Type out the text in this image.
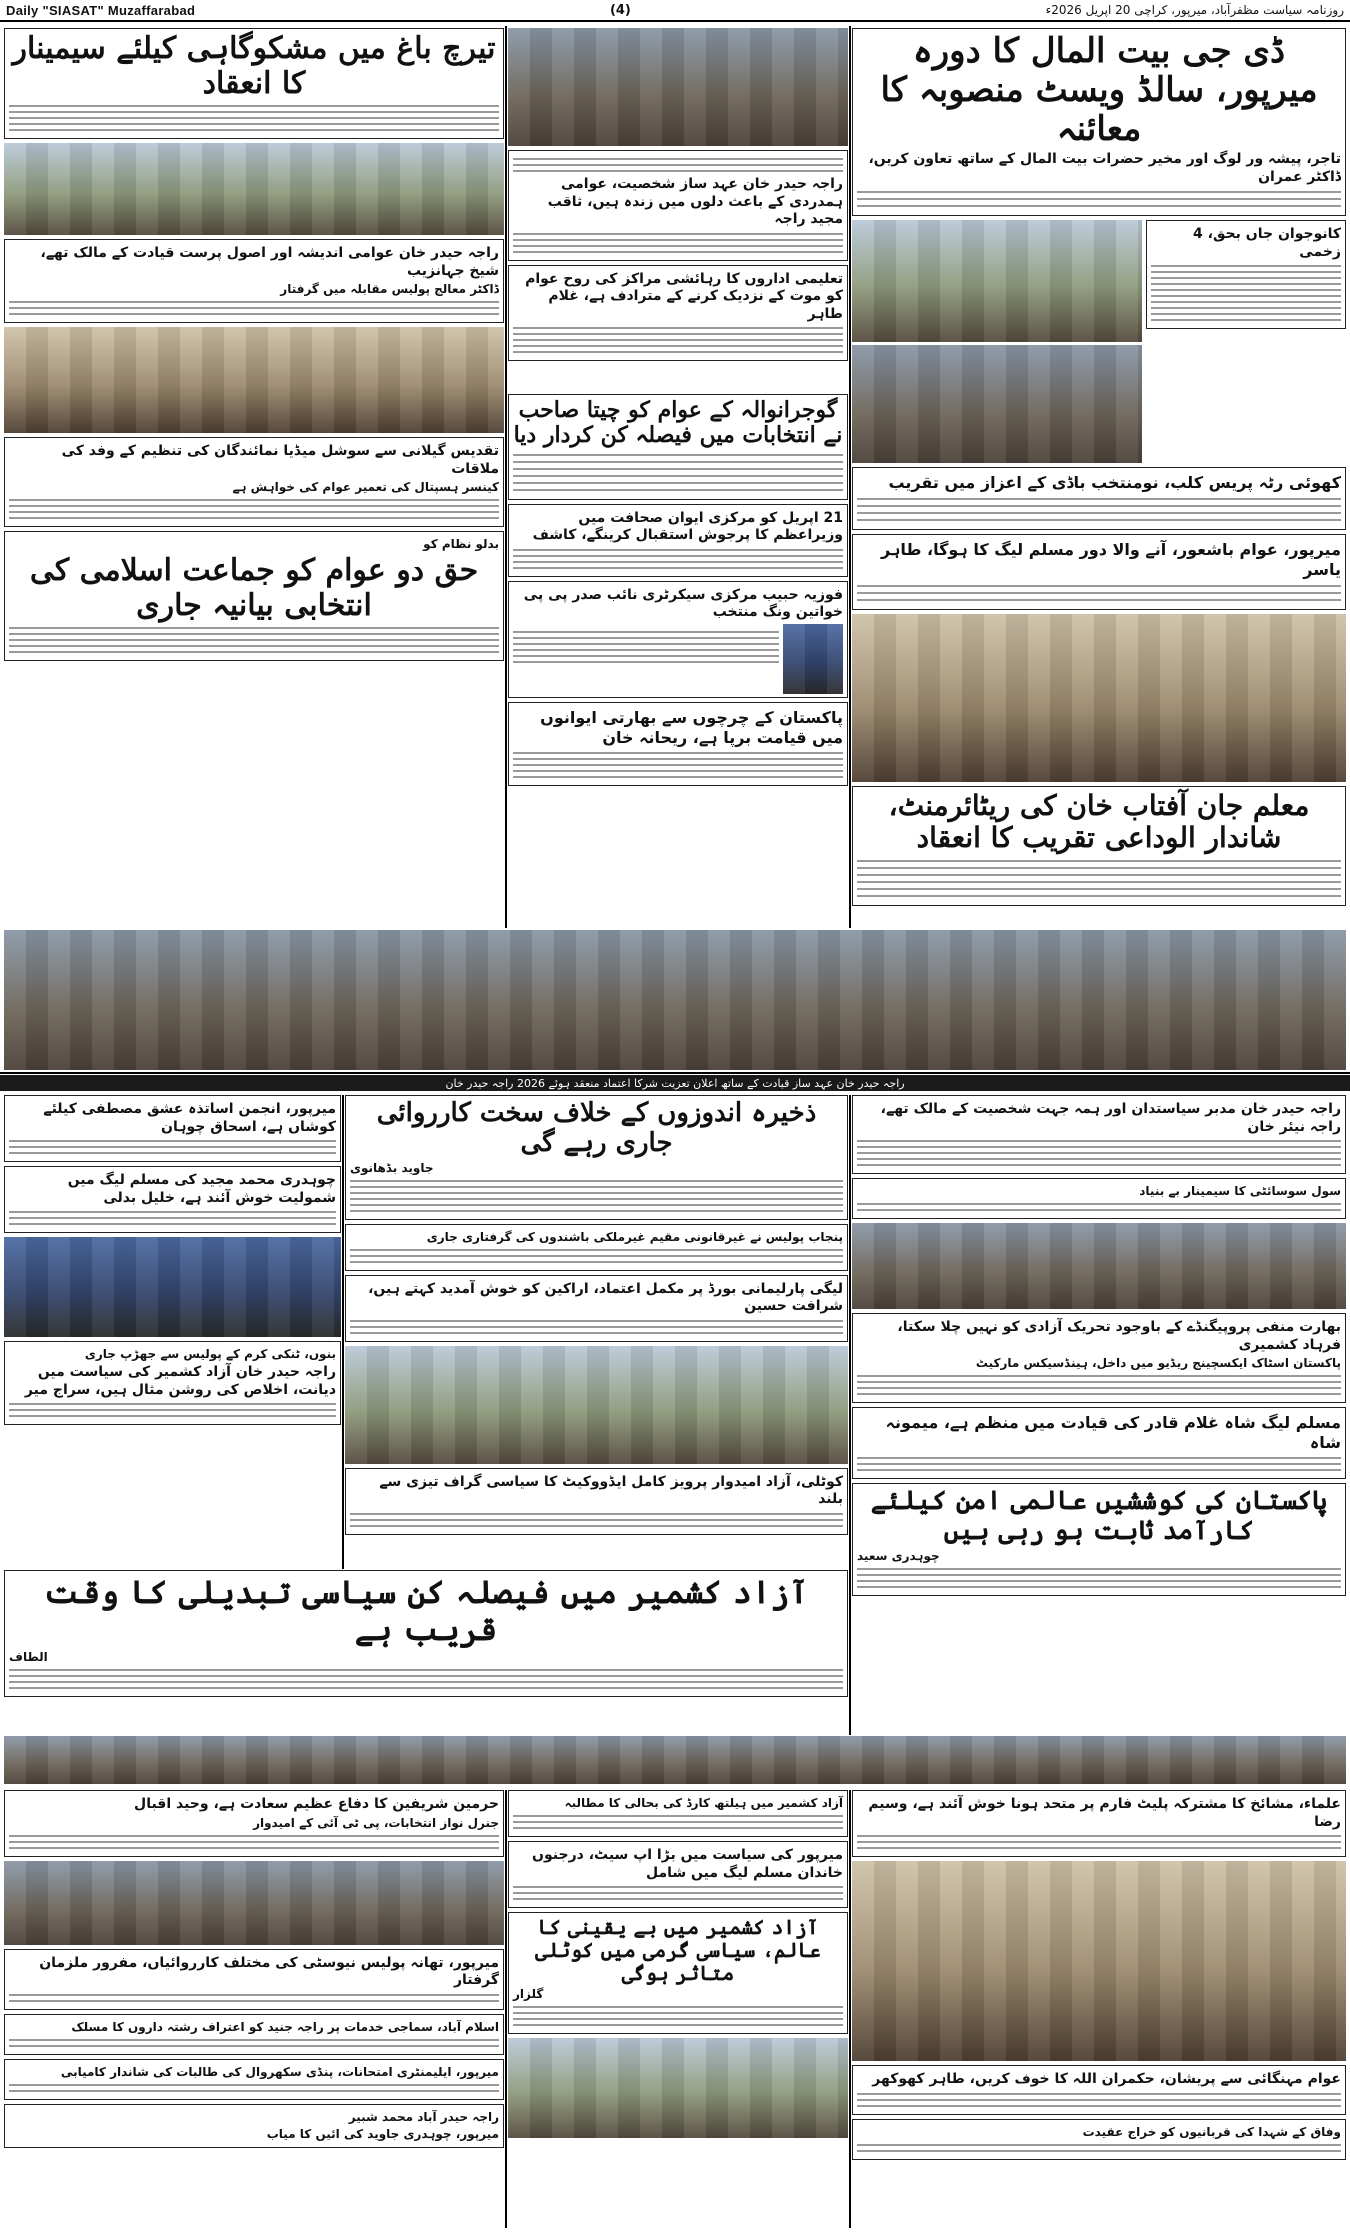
Daily "SIASAT" Muzaffarabad	(4)	روزنامہ سیاست مظفرآباد، میرپور، کراچی 20 اپریل 2026ء
ڈی جی بیت المال کا دورہ میرپور، سالڈ ویسٹ منصوبہ کا معائنہ
تاجر، پیشہ ور لوگ اور مخیر حضرات بیت المال کے ساتھ تعاون کریں، ڈاکٹر عمران
کانوجوان جاں بحق، 4 زخمی
کھوئی رٹہ پریس کلب، نومنتخب باڈی کے اعزاز میں تقریب
میرپور، عوام باشعور، آنے والا دور مسلم لیگ کا ہوگا، طاہر یاسر
معلم جان آفتاب خان کی ریٹائرمنٹ، شاندار الوداعی تقریب کا انعقاد
راجہ حیدر خان عہد ساز شخصیت، عوامی ہمدردی کے باعث دلوں میں زندہ ہیں، ثاقب مجید راجہ
تعلیمی اداروں کا رہائشی مراکز کی روح عوام کو موت کے نزدیک کرنے کے مترادف ہے، غلام طاہر
گوجرانوالہ کے عوام کو چیتا صاحب نے انتخابات میں فیصلہ کن کردار دیا
21 اپریل کو مرکزی ایوان صحافت میں وزیراعظم کا پرجوش استقبال کرینگے، کاشف
فوزیہ حبیب مرکزی سیکرٹری نائب صدر پی پی خواتین ونگ منتخب
پاکستان کے چرچوں سے بھارتی ایوانوں میں قیامت برپا ہے، ریحانہ خان
تیرچ باغ میں مشکوگاہی کیلئے سیمینار کا انعقاد
راجہ حیدر خان عوامی اندیشہ اور اصول پرست قیادت کے مالک تھے، شیخ جہانزیب
ڈاکٹر معالج پولیس مقابلہ میں گرفتار
تقدیس گیلانی سے سوشل میڈیا نمائندگان کی تنظیم کے وفد کی ملاقات
کینسر ہسپتال کی تعمیر عوام کی خواہش ہے
بدلو نظام کو
حق دو عوام کو جماعت اسلامی کی انتخابی بیانیہ جاری
راجہ حیدر خان عہد ساز قیادت کے ساتھ اعلان تعزیت شرکا اعتماد منعقد ہوئے 2026 راجہ حیدر خان
راجہ حیدر خان مدبر سیاستدان اور ہمہ جہت شخصیت کے مالک تھے، راجہ نیئر خان
سول سوسائٹی کا سیمینار بے بنیاد
بھارت منفی پروپیگنڈے کے باوجود تحریک آزادی کو نہیں چلا سکتا، فرہاد کشمیری
پاکستان اسٹاک ایکسچینج ریڈیو میں داخل، ہینڈسیکس مارکیٹ
مسلم لیگ شاہ غلام قادر کی قیادت میں منظم ہے، میمونہ شاہ
پاکستان کی کوششیں عالمی امن کیلئے کارآمد ثابت ہو رہی ہیں
چوہدری سعید
ذخیرہ اندوزوں کے خلاف سخت کارروائی جاری رہے گی
جاوید بڈھانوی
پنجاب پولیس نے غیرقانونی مقیم غیرملکی باشندوں کی گرفتاری جاری
لیگی پارلیمانی بورڈ پر مکمل اعتماد، اراکین کو خوش آمدید کہتے ہیں، شرافت حسین
کوٹلی، آزاد امیدوار پرویز کامل ایڈووکیٹ کا سیاسی گراف تیزی سے بلند
میرپور، انجمن اساتذہ عشق مصطفی کیلئے کوشاں ہے، اسحاق چوہان
چوہدری محمد مجید کی مسلم لیگ میں شمولیت خوش آئند ہے، خلیل بدلی
بنوں، ٹنکی کرم کے پولیس سے جھڑپ جاری
راجہ حیدر خان آزاد کشمیر کی سیاست میں دیانت، اخلاص کی روشن مثال ہیں، سراج میر
آزاد کشمیر میں فیصلہ کن سیاسی تبدیلی کا وقت قریب ہے
الطاف
علماء، مشائخ کا مشترکہ پلیٹ فارم پر متحد ہونا خوش آئند ہے، وسیم رضا
عوام مہنگائی سے پریشان، حکمران اللہ کا خوف کریں، طاہر کھوکھر
وفاق کے شہدا کی قربانیوں کو خراج عقیدت
آزاد کشمیر میں ہیلتھ کارڈ کی بحالی کا مطالبہ
میرپور کی سیاست میں بڑا اپ سیٹ، درجنوں خاندان مسلم لیگ میں شامل
آزاد کشمیر میں بے یقینی کا عالم، سیاسی گرمی میں کوٹلی متاثر ہوگی
گلزار
حرمین شریفین کا دفاع عظیم سعادت ہے، وحید اقبال
جنرل نواز انتخابات، پی ٹی آئی کے امیدوار
میرپور، تھانہ پولیس نیوسٹی کی مختلف کارروائیاں، مفرور ملزمان گرفتار
اسلام آباد، سماجی خدمات پر راجہ جنید کو اعتراف رشتہ داروں کا مسلک
میرپور، ایلیمنٹری امتحانات، پنڈی سکھروال کی طالبات کی شاندار کامیابی
راجہ حیدر آباد محمد شبیر
میرپور، چوہدری جاوید کی ائیں کا میاب
